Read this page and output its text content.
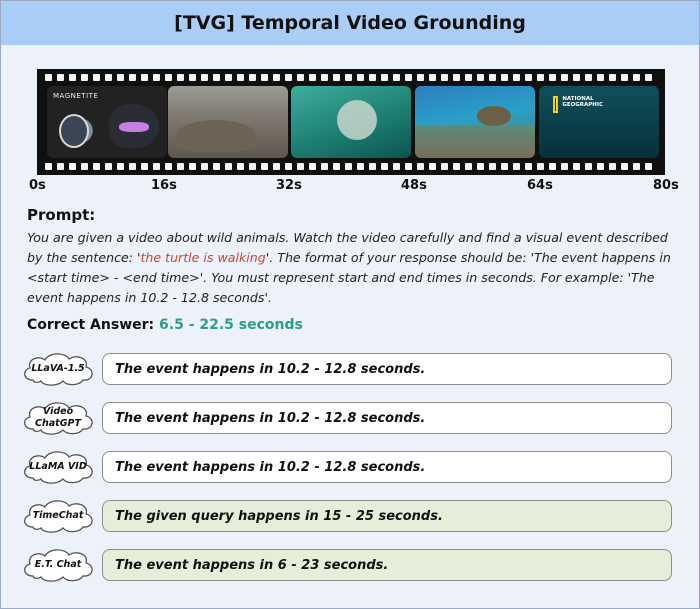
[TVG] Temporal Video Grounding
MAGNETITE	NATIONAL
GEOGRAPHIC
0s	16s	32s	48s	64s	80s
Prompt:
You are given a video about wild animals. Watch the video carefully and find a visual event described by the sentence: 'the turtle is walking'. The format of your response should be: 'The event happens in <start time> - <end time>'. You must represent start and end times in seconds. For example: 'The event happens in 10.2 - 12.8 seconds'.
Correct Answer: 6.5 - 22.5 seconds
LLaVA-1.5 The event happens in 10.2 - 12.8 seconds.
Video ChatGPT	The event happens in 10.2 - 12.8 seconds.
LLaMA VID The event happens in 10.2 - 12.8 seconds.
TimeChat The given query happens in 15 - 25 seconds.
E.T. Chat	The event happens in 6 - 23 seconds.
